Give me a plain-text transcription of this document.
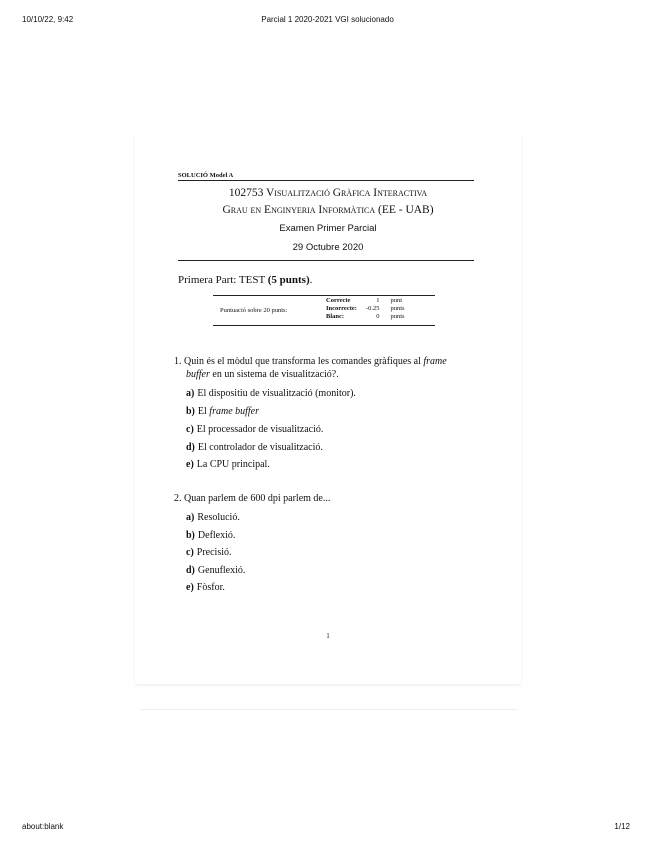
10/10/22, 9:42	Parcial 1 2020-2021 VGI solucionado
about:blank	1/12
SOLUCIÓ Model A
102753 Visualització Gràfica Interactiva
Grau en Enginyeria Informàtica (EE - UAB)
Examen Primer Parcial
29 Octubre 2020
Primera Part: TEST (5 punts).
Puntuació sobre 20 punts:
Correcte	1	punt
Incorrecte:	-0.25	punts
Blanc:	0	punts
1. Quin és el mòdul que transforma les comandes gràfiques al frame
buffer en un sistema de visualització?.
a) El dispositiu de visualització (monitor).
b) El frame buffer
c) El processador de visualització.
d) El controlador de visualització.
e) La CPU principal.
2. Quan parlem de 600 dpi parlem de...
a) Resolució.
b) Deflexió.
c) Precisió.
d) Genuflexió.
e) Fòsfor.
1
